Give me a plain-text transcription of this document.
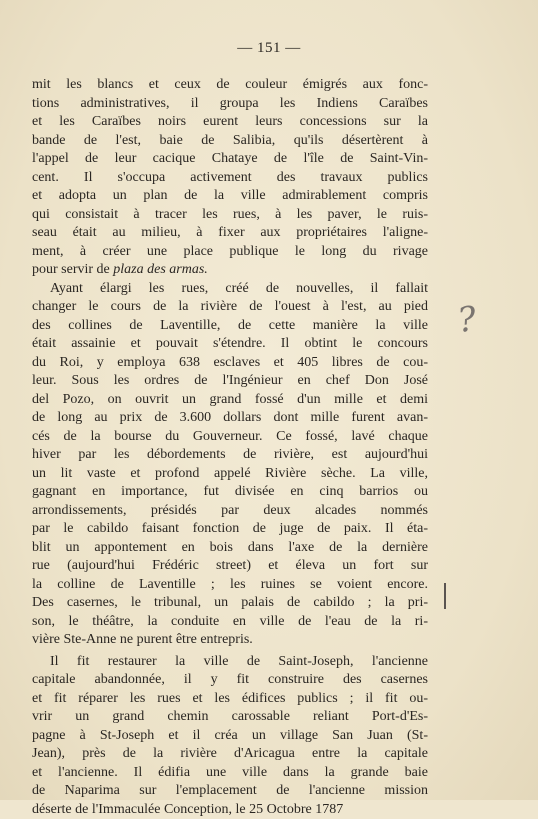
— 151 —
mit les blancs et ceux de couleur émigrés aux fonc-
tions administratives, il groupa les Indiens Caraïbes
et les Caraïbes noirs eurent leurs concessions sur la
bande de l'est, baie de Salibia, qu'ils désertèrent à
l'appel de leur cacique Chataye de l'île de Saint-Vin-
cent. Il s'occupa activement des travaux publics
et adopta un plan de la ville admirablement compris
qui consistait à tracer les rues, à les paver, le ruis-
seau était au milieu, à fixer aux propriétaires l'aligne-
ment, à créer une place publique le long du rivage
pour servir de plaza des armas.
Ayant élargi les rues, créé de nouvelles, il fallait
changer le cours de la rivière de l'ouest à l'est, au pied
des collines de Laventille, de cette manière la ville
était assainie et pouvait s'étendre. Il obtint le concours
du Roi, y employa 638 esclaves et 405 libres de cou-
leur. Sous les ordres de l'Ingénieur en chef Don José
del Pozo, on ouvrit un grand fossé d'un mille et demi
de long au prix de 3.600 dollars dont mille furent avan-
cés de la bourse du Gouverneur. Ce fossé, lavé chaque
hiver par les débordements de rivière, est aujourd'hui
un lit vaste et profond appelé Rivière sèche. La ville,
gagnant en importance, fut divisée en cinq barrios ou
arrondissements, présidés par deux alcades nommés
par le cabildo faisant fonction de juge de paix. Il éta-
blit un appontement en bois dans l'axe de la dernière
rue (aujourd'hui Frédéric street) et éleva un fort sur
la colline de Laventille ; les ruines se voient encore.
Des casernes, le tribunal, un palais de cabildo ; la pri-
son, le théâtre, la conduite en ville de l'eau de la ri-
vière Ste-Anne ne purent être entrepris.
Il fit restaurer la ville de Saint-Joseph, l'ancienne
capitale abandonnée, il y fit construire des casernes
et fit réparer les rues et les édifices publics ; il fit ou-
vrir un grand chemin carossable reliant Port-d'Es-
pagne à St-Joseph et il créa un village San Juan (St-
Jean), près de la rivière d'Aricagua entre la capitale
et l'ancienne. Il édifia une ville dans la grande baie
de Naparima sur l'emplacement de l'ancienne mission
déserte de l'Immaculée Conception, le 25 Octobre 1787
?
